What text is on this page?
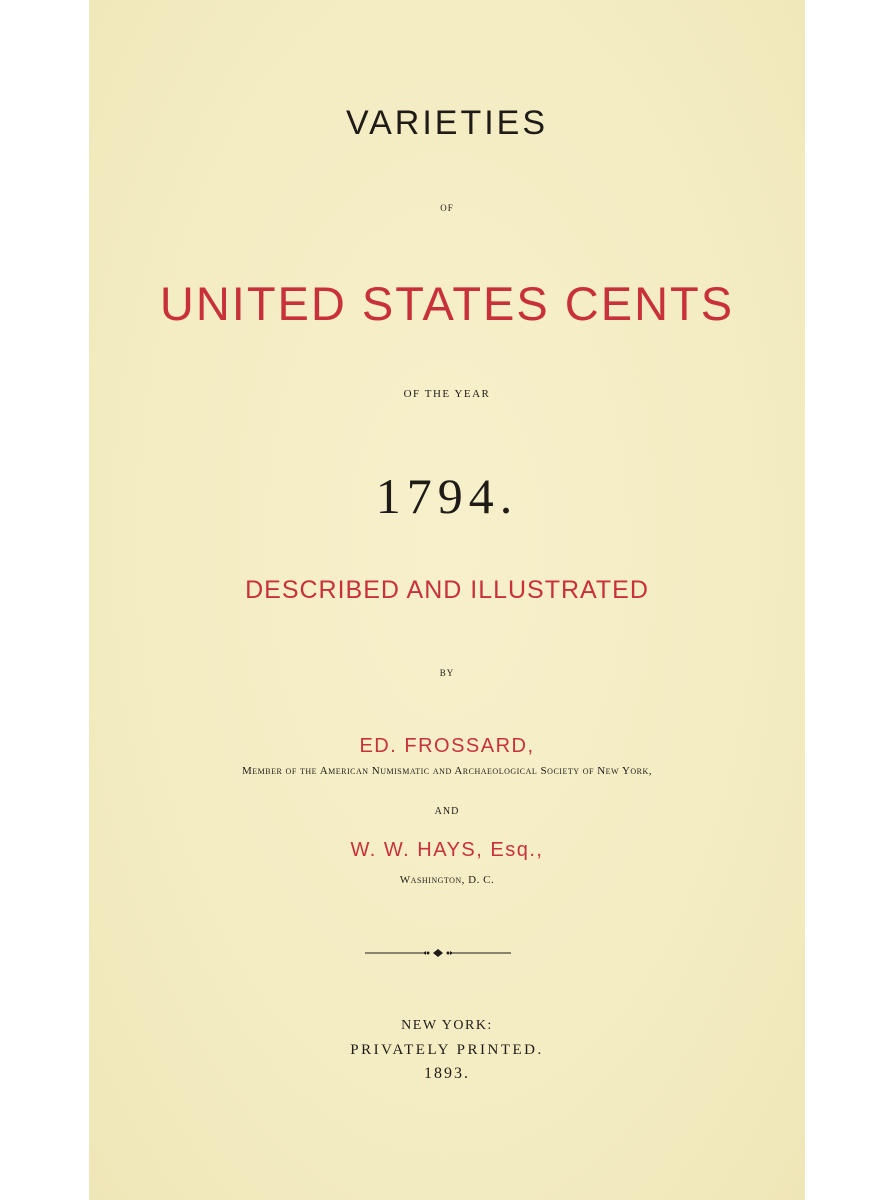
VARIETIES
OF
UNITED STATES CENTS
OF THE YEAR
1794.
DESCRIBED AND ILLUSTRATED
BY
ED. FROSSARD,
Member of the American Numismatic and Archaeological Society of New York,
AND
W. W. HAYS, Esq.,
Washington, D. C.
NEW YORK:
PRIVATELY PRINTED.
1893.
